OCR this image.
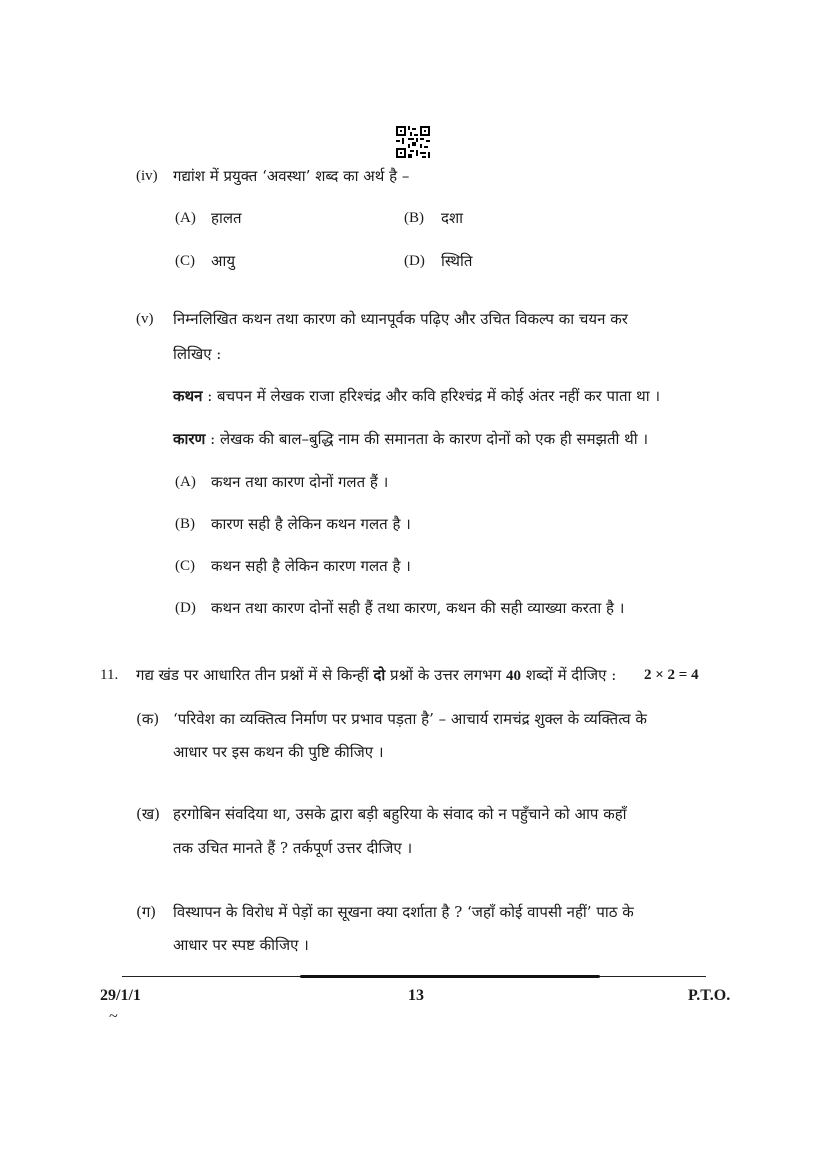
(iv) गद्यांश में प्रयुक्त ‘अवस्था’ शब्द का अर्थ है –
(A) हालत	(B) दशा
(C) आयु	(D) स्थिति
(v) निम्नलिखित कथन तथा कारण को ध्यानपूर्वक पढ़िए और उचित विकल्प का चयन कर
लिखिए :
कथन : बचपन में लेखक राजा हरिश्चंद्र और कवि हरिश्चंद्र में कोई अंतर नहीं कर पाता था ।
कारण : लेखक की बाल–बुद्धि नाम की समानता के कारण दोनों को एक ही समझती थी ।
(A) कथन तथा कारण दोनों गलत हैं ।
(B) कारण सही है लेकिन कथन गलत है ।
(C) कथन सही है लेकिन कारण गलत है ।
(D) कथन तथा कारण दोनों सही हैं तथा कारण, कथन की सही व्याख्या करता है ।
11. गद्य खंड पर आधारित तीन प्रश्नों में से किन्हीं दो प्रश्नों के उत्तर लगभग 40 शब्दों में दीजिए : 2 × 2 = 4
(क) ‘परिवेश का व्यक्तित्व निर्माण पर प्रभाव पड़ता है’ – आचार्य रामचंद्र शुक्ल के व्यक्तित्व के
आधार पर इस कथन की पुष्टि कीजिए ।
(ख) हरगोबिन संवदिया था, उसके द्वारा बड़ी बहुरिया के संवाद को न पहुँचाने को आप कहाँ
तक उचित मानते हैं ? तर्कपूर्ण उत्तर दीजिए ।
(ग) विस्थापन के विरोध में पेड़ों का सूखना क्या दर्शाता है ? ‘जहाँ कोई वापसी नहीं’ पाठ के
आधार पर स्पष्ट कीजिए ।
29/1/1	13	P.T.O.
~
